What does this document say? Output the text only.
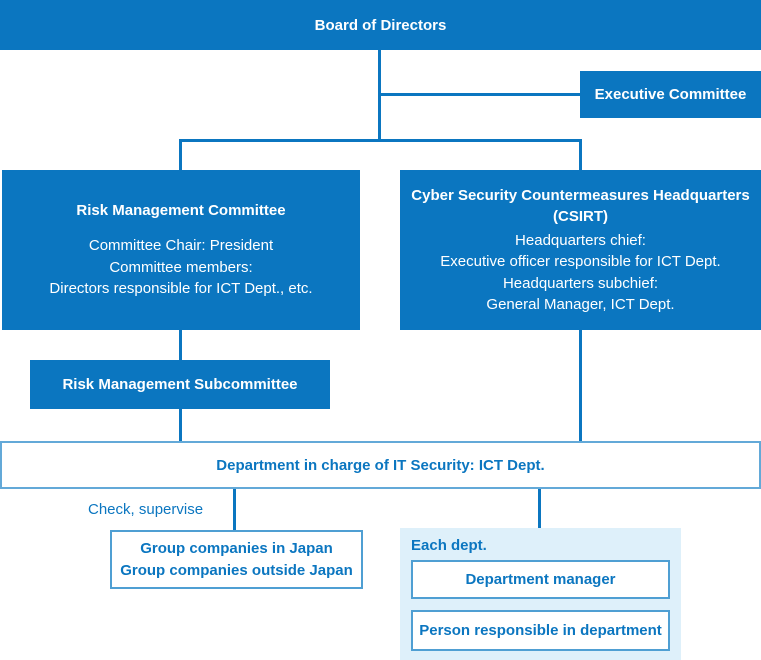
Board of Directors
Executive Committee
Risk Management Committee
Committee Chair: President
Committee members:
Directors responsible for ICT Dept., etc.
Cyber Security Countermeasures Headquarters
(CSIRT)
Headquarters chief:
Executive officer responsible for ICT Dept.
Headquarters subchief:
General Manager, ICT Dept.
Risk Management Subcommittee
Department in charge of IT Security: ICT Dept.
Check, supervise
Group companies in Japan
Group companies outside Japan
Each dept.
Department manager
Person responsible in department
